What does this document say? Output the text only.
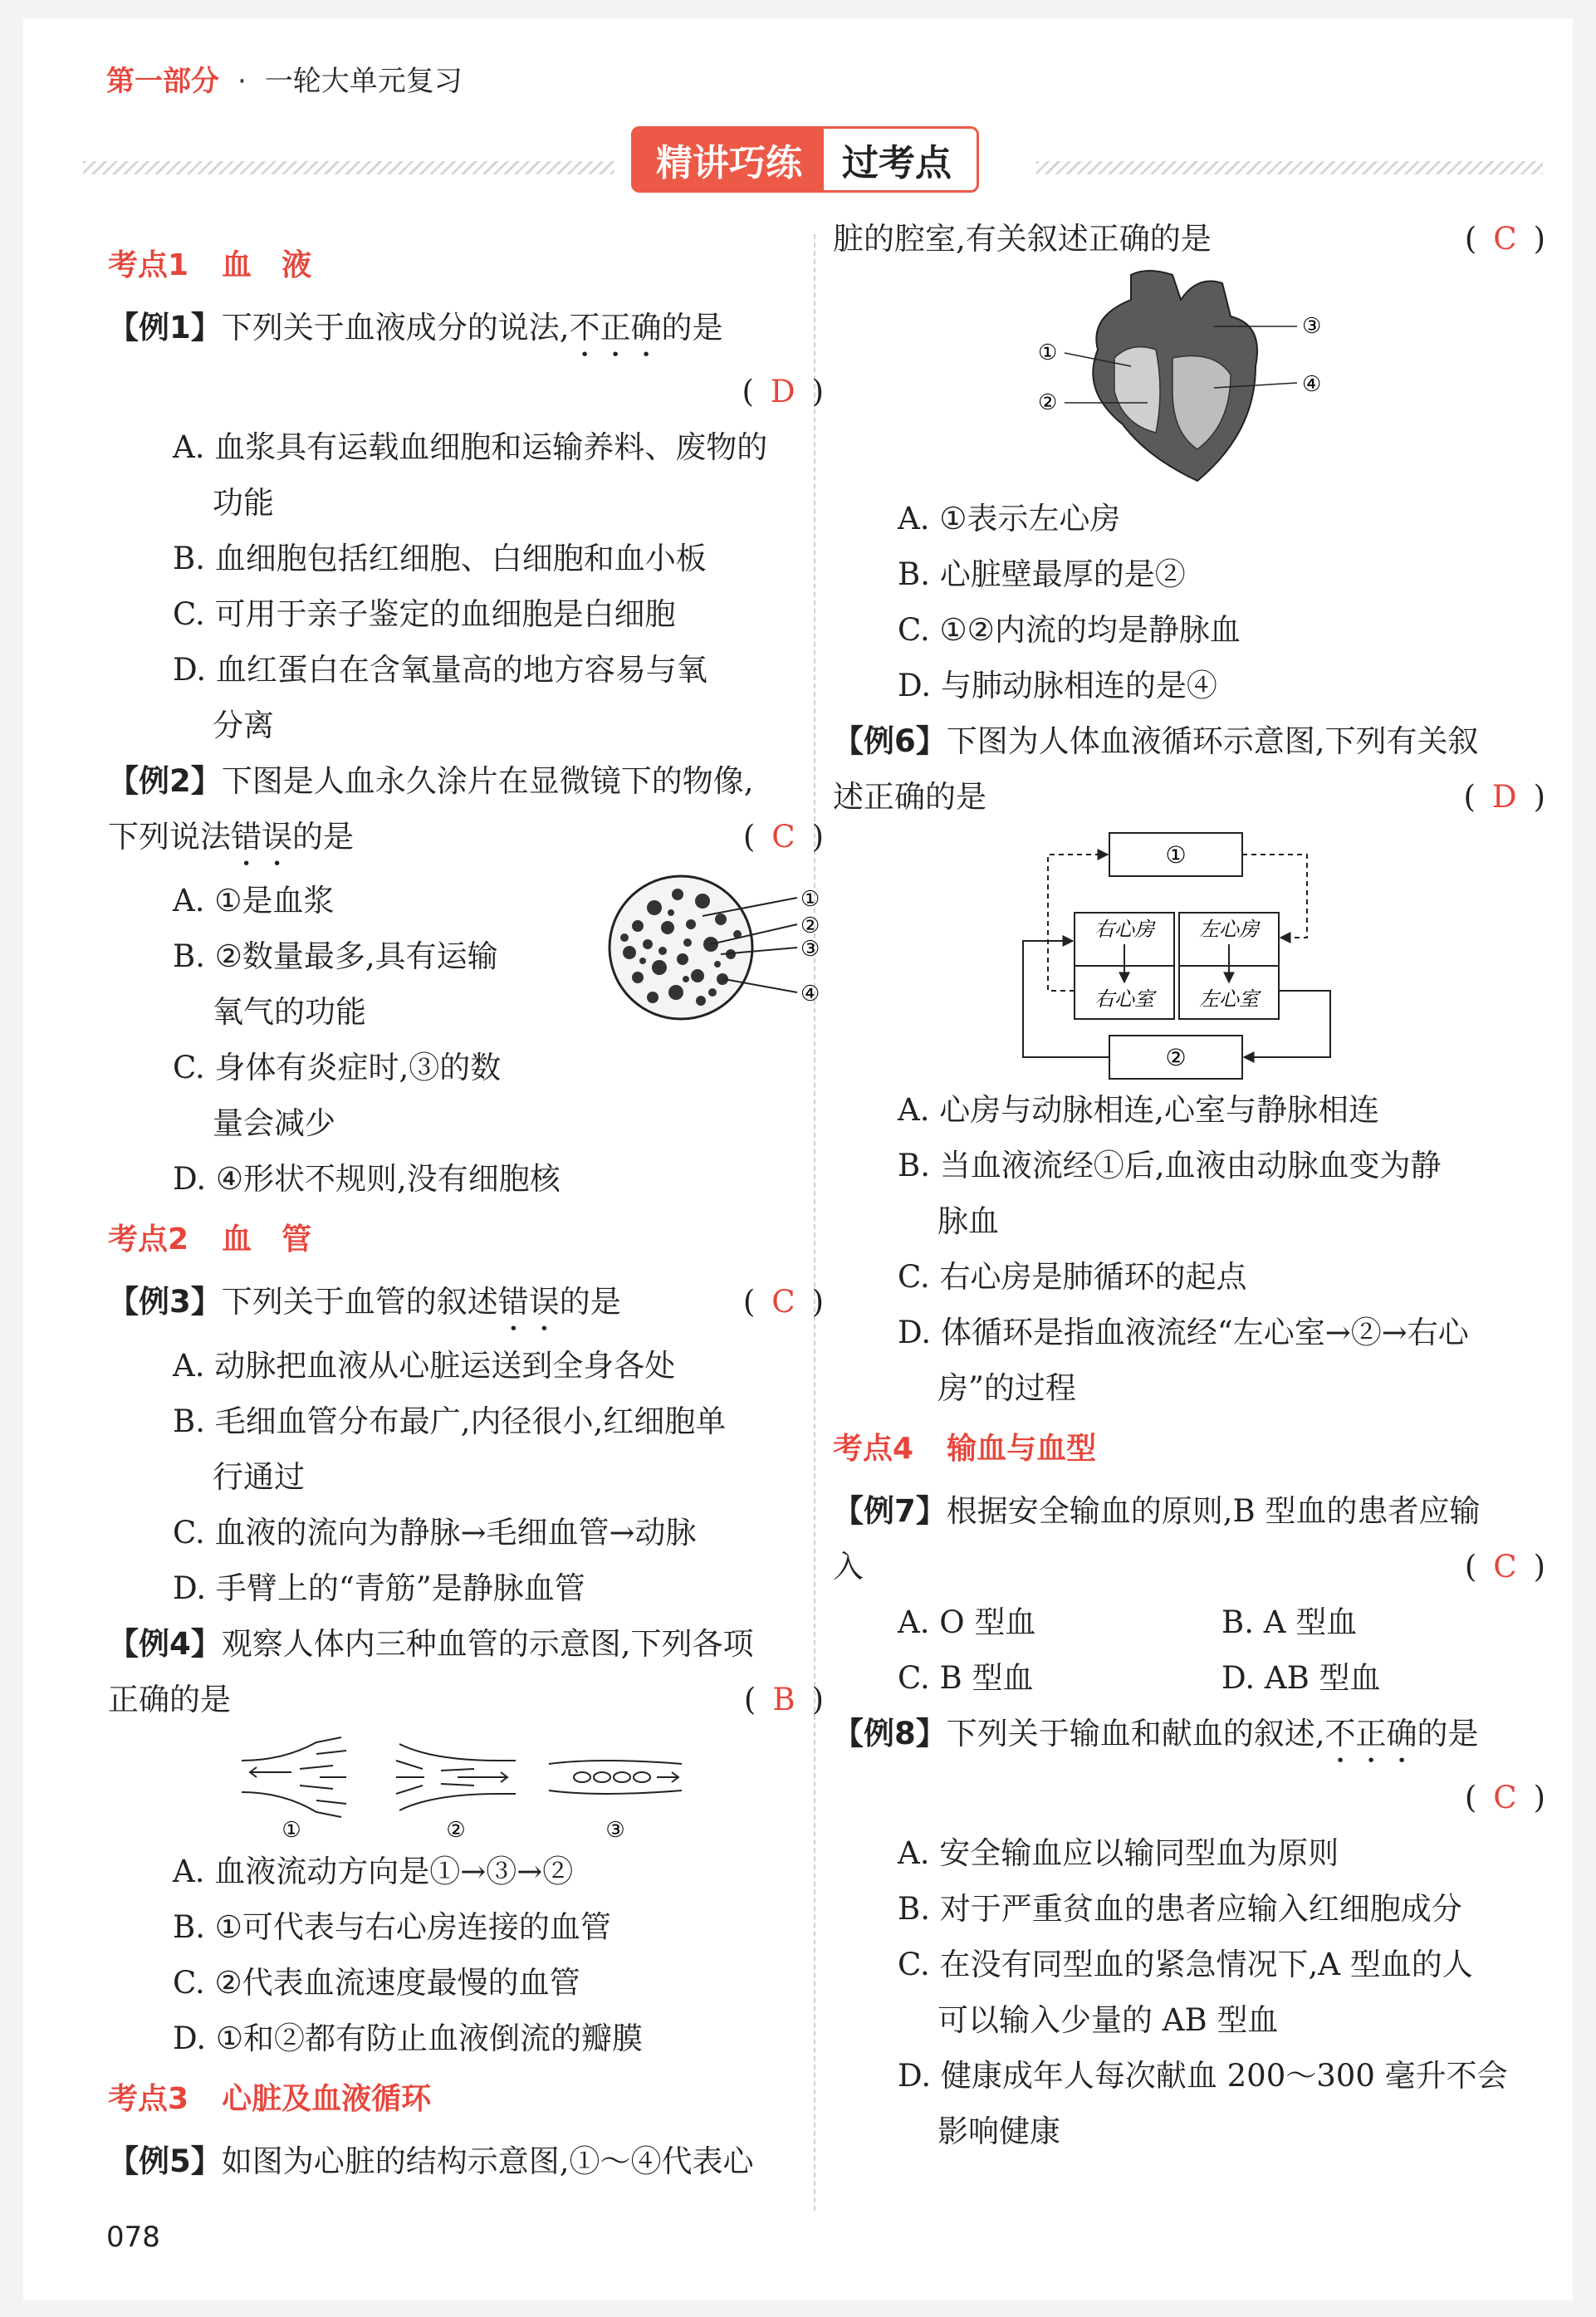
第一部分 · 一轮大单元复习
精讲巧练	过考点
考点1 血　液
【例1】下列关于血液成分的说法,不正确的是
( D )
A. 血浆具有运载血细胞和运输养料、废物的
功能
B. 血细胞包括红细胞、白细胞和血小板
C. 可用于亲子鉴定的血细胞是白细胞
D. 血红蛋白在含氧量高的地方容易与氧
分离
【例2】下图是人血永久涂片在显微镜下的物像,
下列说法错误的是	( C )
A. ①是血浆
B. ②数量最多,具有运输
氧气的功能
C. 身体有炎症时,③的数
量会减少
D. ④形状不规则,没有细胞核
①
②
③
④
考点2 血　管
【例3】下列关于血管的叙述错误的是	( C )
A. 动脉把血液从心脏运送到全身各处
B. 毛细血管分布最广,内径很小,红细胞单
行通过
C. 血液的流向为静脉→毛细血管→动脉
D. 手臂上的“青筋”是静脉血管
【例4】观察人体内三种血管的示意图,下列各项
正确的是	( B )
①	②	③
A. 血液流动方向是①→③→②
B. ①可代表与右心房连接的血管
C. ②代表血流速度最慢的血管
D. ①和②都有防止血液倒流的瓣膜
考点3 心脏及血液循环
【例5】如图为心脏的结构示意图,①～④代表心
脏的腔室,有关叙述正确的是	( C )
①
②
③
④
A. ①表示左心房
B. 心脏壁最厚的是②
C. ①②内流的均是静脉血
D. 与肺动脉相连的是④
【例6】下图为人体血液循环示意图,下列有关叙
述正确的是	( D )
①
②
右心房
右心室
左心房
左心室
A. 心房与动脉相连,心室与静脉相连
B. 当血液流经①后,血液由动脉血变为静
脉血
C. 右心房是肺循环的起点
D. 体循环是指血液流经“左心室→②→右心
房”的过程
考点4 输血与血型
【例7】根据安全输血的原则,B 型血的患者应输
入	( C )
A. O 型血	B. A 型血
C. B 型血	D. AB 型血
【例8】下列关于输血和献血的叙述,不正确的是
( C )
A. 安全输血应以输同型血为原则
B. 对于严重贫血的患者应输入红细胞成分
C. 在没有同型血的紧急情况下,A 型血的人
可以输入少量的 AB 型血
D. 健康成年人每次献血 200～300 毫升不会
影响健康
078
